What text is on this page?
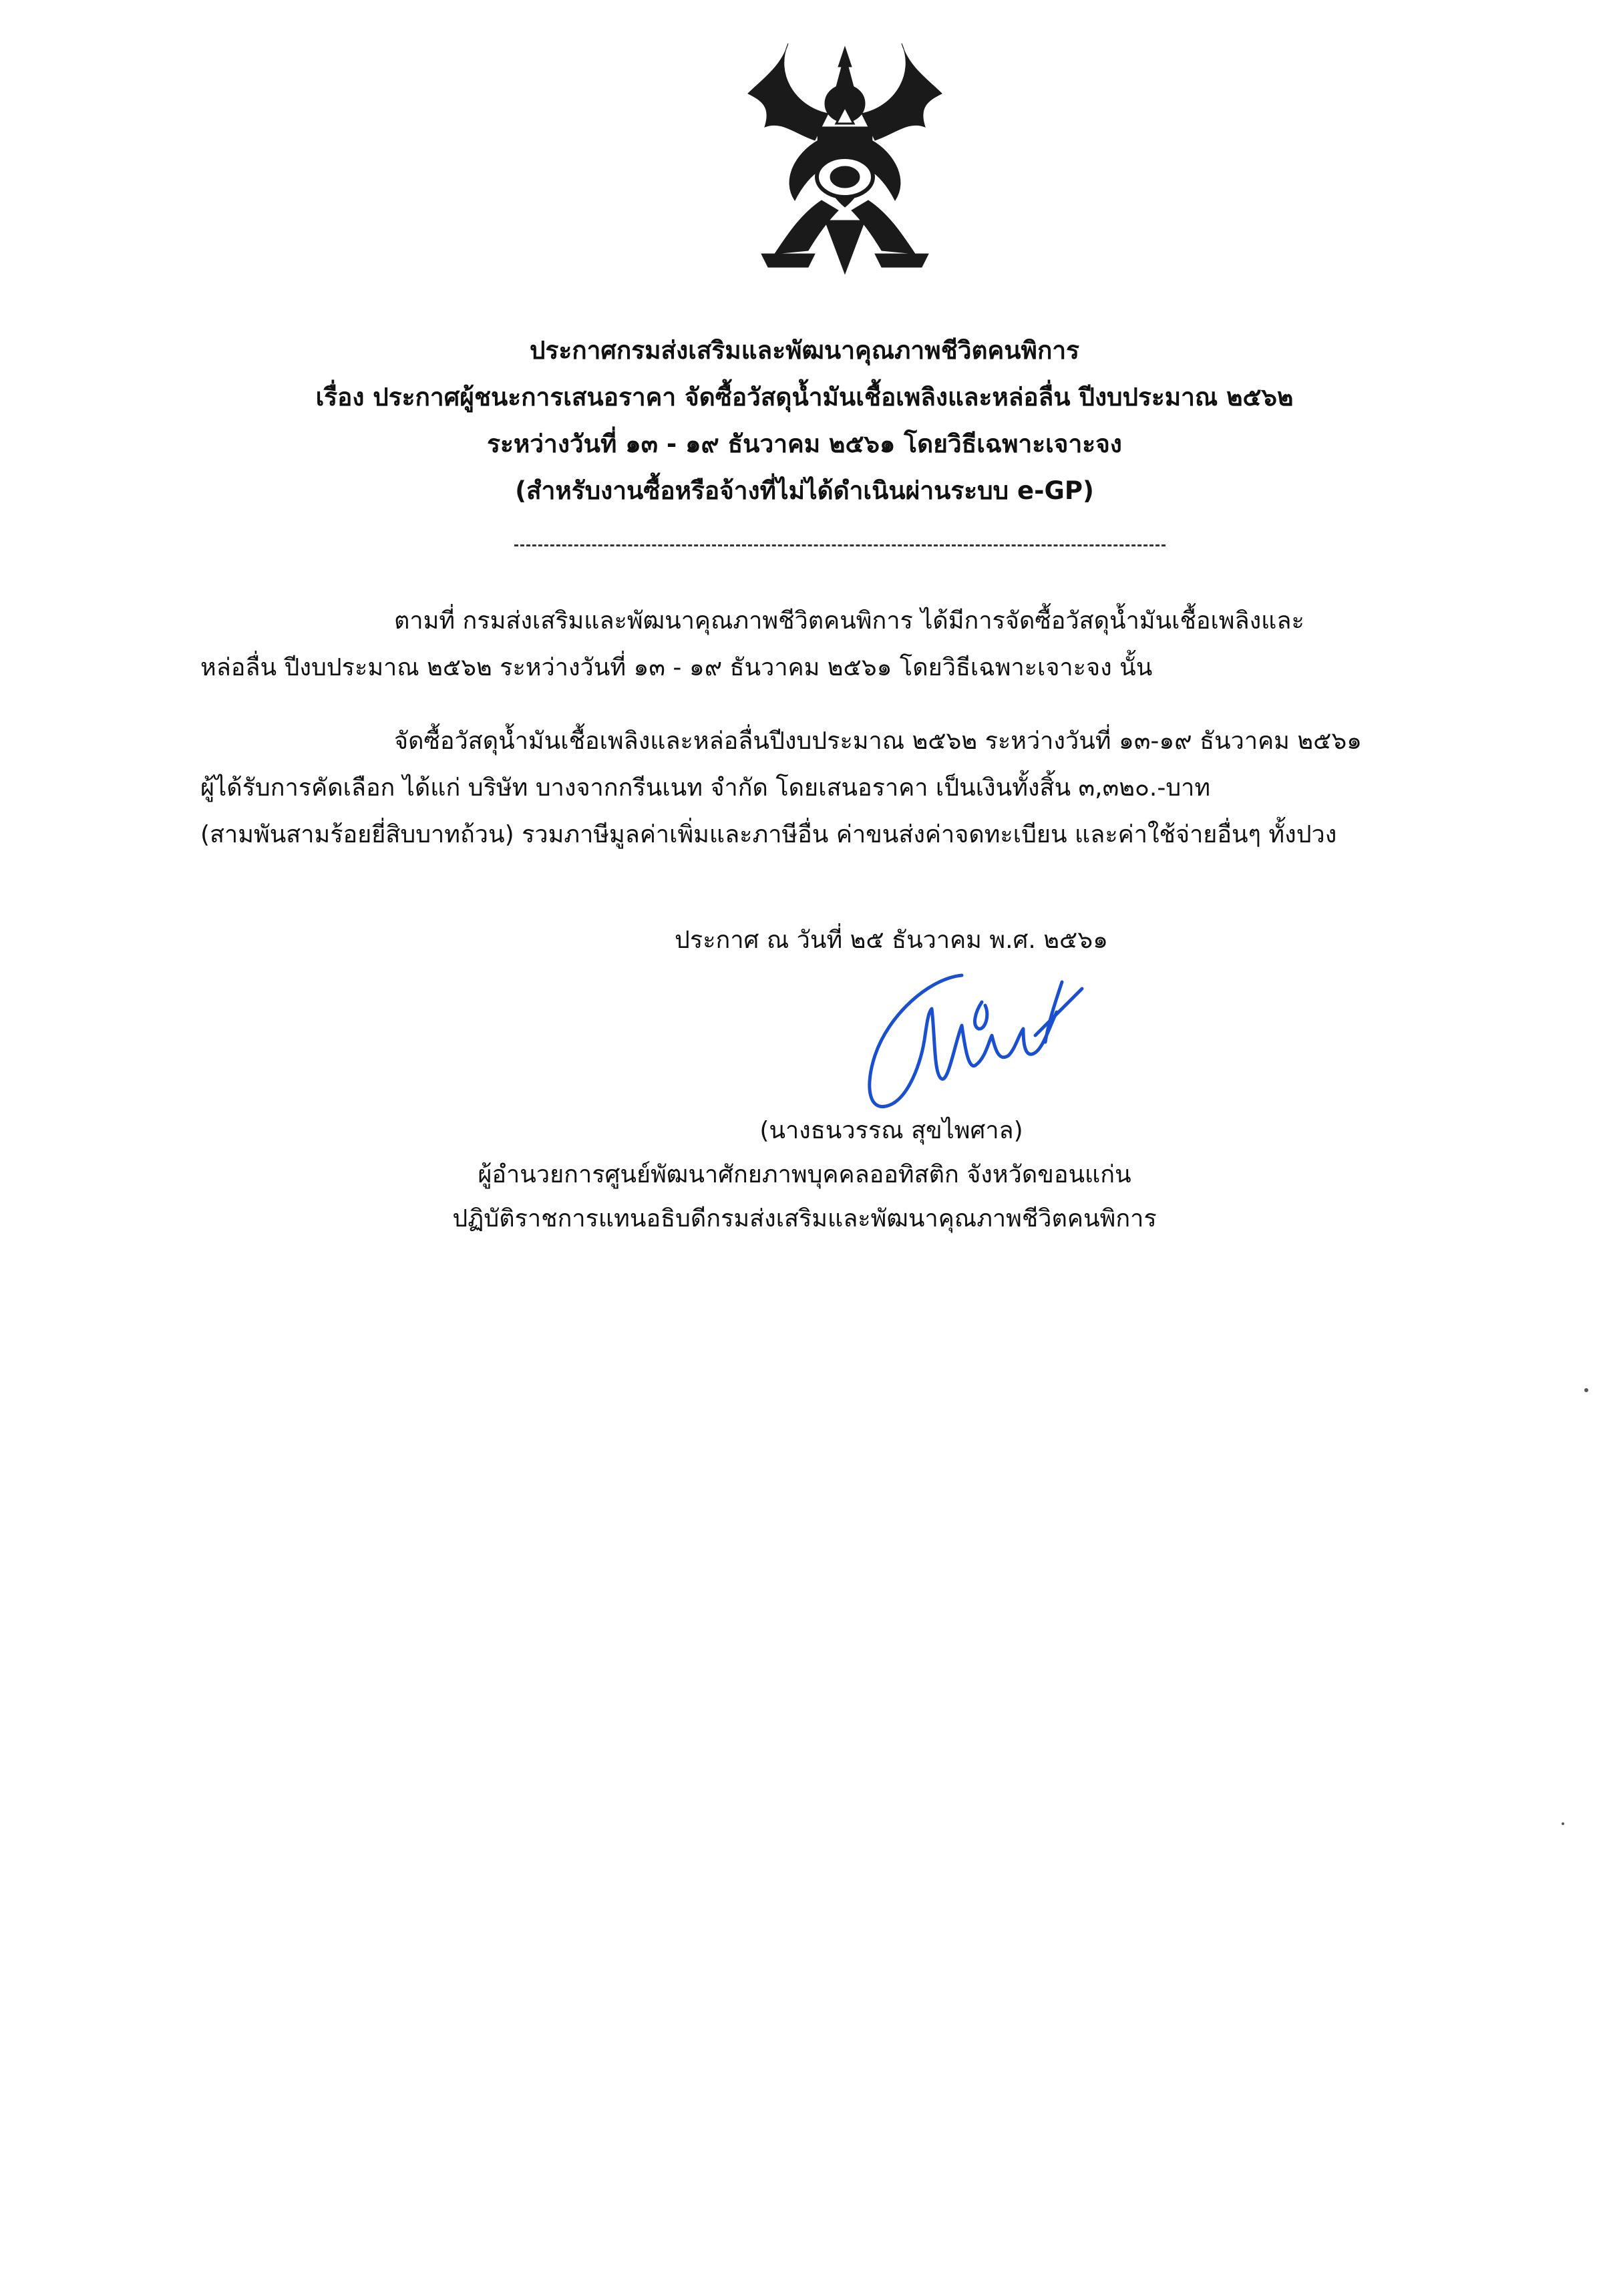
ประกาศกรมส่งเสริมและพัฒนาคุณภาพชีวิตคนพิการ
เรื่อง ประกาศผู้ชนะการเสนอราคา จัดซื้อวัสดุน้ำมันเชื้อเพลิงและหล่อลื่น ปีงบประมาณ ๒๕๖๒
ระหว่างวันที่ ๑๓ - ๑๙ ธันวาคม ๒๕๖๑ โดยวิธีเฉพาะเจาะจง
(สำหรับงานซื้อหรือจ้างที่ไม่ได้ดำเนินผ่านระบบ e-GP)
ตามที่ กรมส่งเสริมและพัฒนาคุณภาพชีวิตคนพิการ ได้มีการจัดซื้อวัสดุน้ำมันเชื้อเพลิงและ
หล่อลื่น ปีงบประมาณ ๒๕๖๒ ระหว่างวันที่ ๑๓ - ๑๙ ธันวาคม ๒๕๖๑ โดยวิธีเฉพาะเจาะจง นั้น
จัดซื้อวัสดุน้ำมันเชื้อเพลิงและหล่อลื่นปีงบประมาณ ๒๕๖๒ ระหว่างวันที่ ๑๓-๑๙ ธันวาคม ๒๕๖๑
ผู้ได้รับการคัดเลือก ได้แก่ บริษัท บางจากกรีนเนท จำกัด โดยเสนอราคา เป็นเงินทั้งสิ้น ๓,๓๒๐.-บาท
(สามพันสามร้อยยี่สิบบาทถ้วน) รวมภาษีมูลค่าเพิ่มและภาษีอื่น ค่าขนส่งค่าจดทะเบียน และค่าใช้จ่ายอื่นๆ ทั้งปวง
ประกาศ ณ วันที่ ๒๕ ธันวาคม พ.ศ. ๒๕๖๑
(นางธนวรรณ สุขไพศาล)
ผู้อำนวยการศูนย์พัฒนาศักยภาพบุคคลออทิสติก จังหวัดขอนแก่น
ปฏิบัติราชการแทนอธิบดีกรมส่งเสริมและพัฒนาคุณภาพชีวิตคนพิการ
